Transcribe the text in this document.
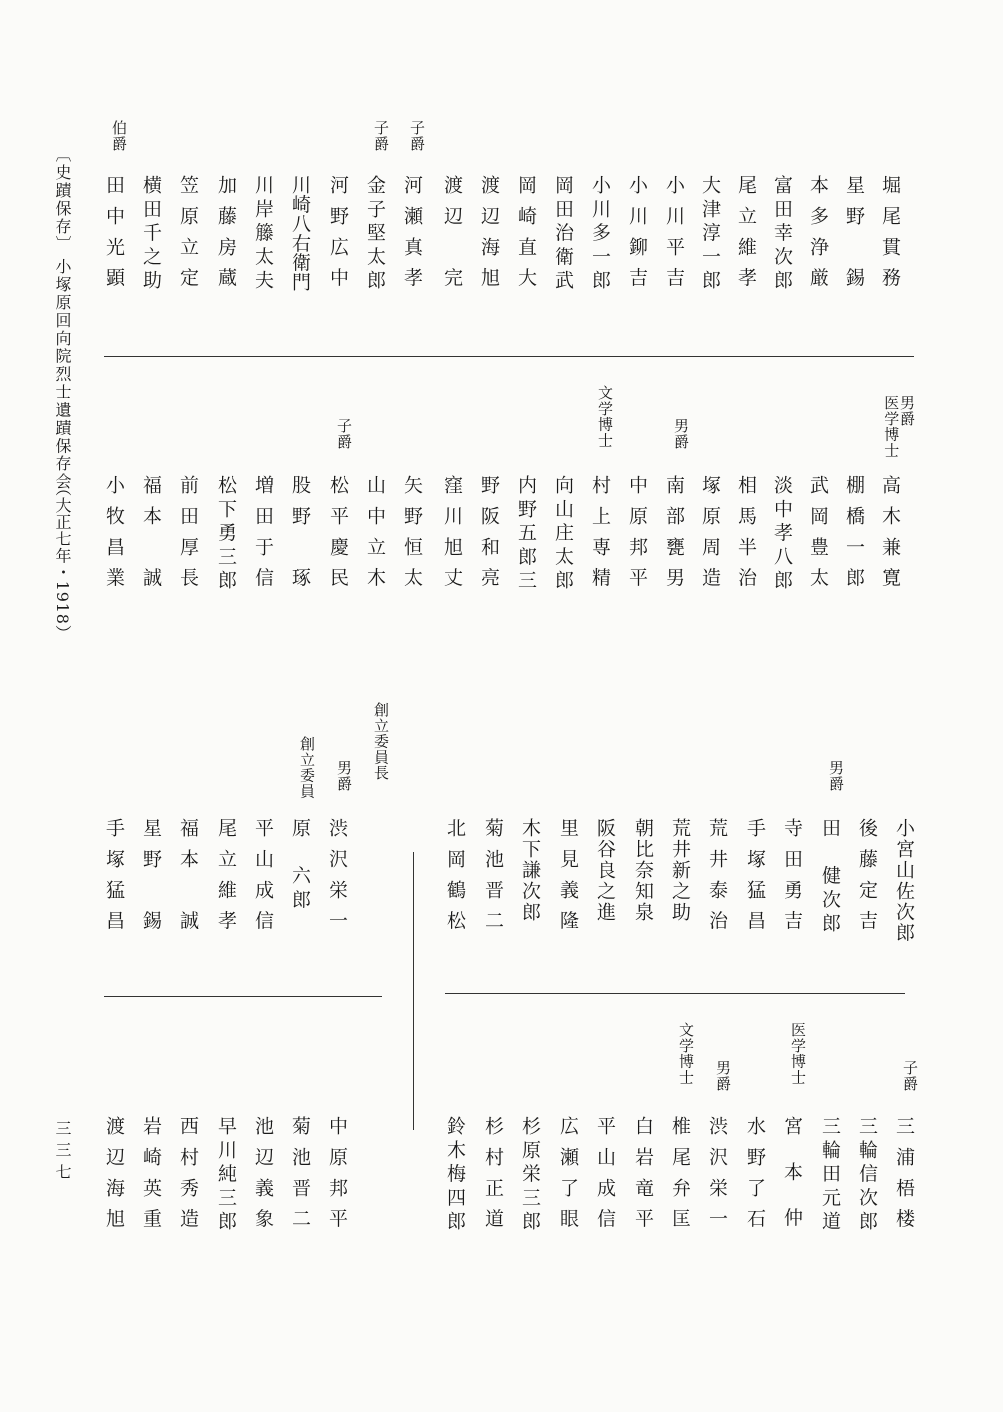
堀尾貫務
星野　錫
本多浄厳
富田幸次郎
尾立維孝
大津淳一郎
小川平吉
小川鉚吉
小川多一郎
岡田治衛武
岡崎直大
渡辺海旭
渡辺　完
河瀬真孝
金子堅太郎
河野広中
川崎八右衛門
川岸籐太夫
加藤房蔵
笠原立定
横田千之助
田中光顕
子爵
子爵
伯爵
高木兼寛
棚橋一郎
武岡豊太
淡中孝八郎
相馬半治
塚原周造
南部甕男
中原邦平
村上専精
向山庄太郎
内野五郎三
野阪和亮
窪川旭丈
矢野恒太
山中立木
松平慶民
股野　琢
増田于信
松下勇三郎
前田厚長
福本　誠
小牧昌業
男爵
医学博士
男爵
文学博士
子爵
小宮山佐次郎
後藤定吉
田　健次郎
寺田勇吉
手塚猛昌
荒井泰治
荒井新之助
朝比奈知泉
阪谷良之進
里見義隆
木下謙次郎
菊池晋二
北岡鶴松
男爵
渋沢栄一
原　六郎
平山成信
尾立維孝
福本　誠
星野　錫
手塚猛昌
創立委員長
男爵
創立委員
三浦梧楼
三輪信次郎
三輪田元道
宮　本　仲
水野了石
渋沢栄一
椎尾弁匡
白岩竜平
平山成信
広瀬了眼
杉原栄三郎
杉村正道
鈴木梅四郎
子爵
医学博士
男爵
文学博士
中原邦平
菊池晋二
池辺義象
早川純三郎
西村秀造
岩崎英重
渡辺海旭
〔史蹟保存〕
小塚原回向院烈士遺蹟保存会
（大正七年・1918）
三三七
